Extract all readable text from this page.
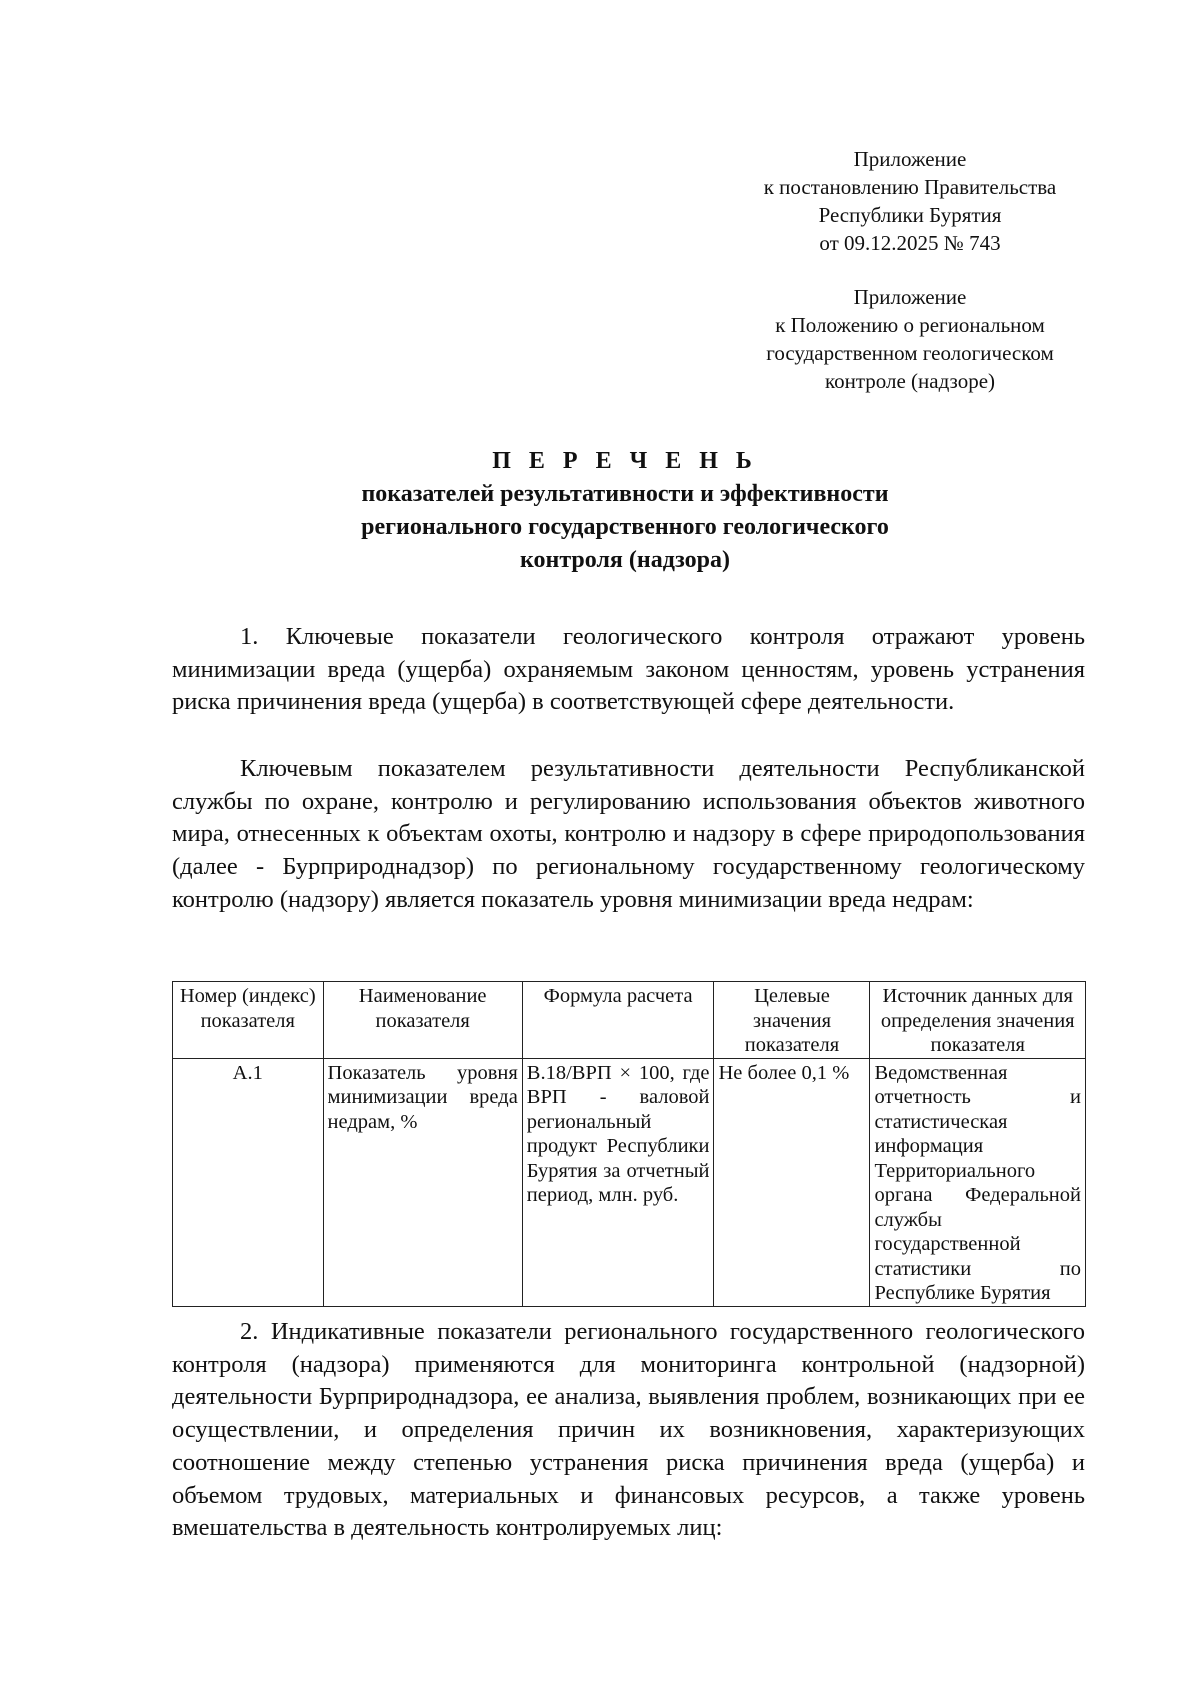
Приложение
к постановлению Правительства
Республики Бурятия
от 09.12.2025 № 743
Приложение
к Положению о региональном
государственном геологическом
контроле (надзоре)
П Е Р Е Ч Е Н Ь
показателей результативности и эффективности
регионального государственного геологического
контроля (надзора)
1. Ключевые показатели геологического контроля отражают уровень минимизации вреда (ущерба) охраняемым законом ценностям, уровень устранения риска причинения вреда (ущерба) в соответствующей сфере деятельности.
Ключевым показателем результативности деятельности Республиканской службы по охране, контролю и регулированию использования объектов животного мира, отнесенных к объектам охоты, контролю и надзору в сфере природопользования (далее - Бурприроднадзор) по региональному государственному геологическому контролю (надзору) является показатель уровня минимизации вреда недрам:
Номер (индекс) показателя	Наименование показателя	Формула расчета	Целевые значения показателя	Источник данных для определения значения показателя
А.1	Показатель уровня минимизации вреда недрам, %	В.18/ВРП × 100, где ВРП - валовой региональный продукт Республики Бурятия за отчетный период, млн. руб.	Не более 0,1 %	Ведомственная отчетность и статистическая информация Территориального органа Федеральной службы государственной статистики по Республике Бурятия
2. Индикативные показатели регионального государственного геологического контроля (надзора) применяются для мониторинга контрольной (надзорной) деятельности Бурприроднадзора, ее анализа, выявления проблем, возникающих при ее осуществлении, и определения причин их возникновения, характеризующих соотношение между степенью устранения риска причинения вреда (ущерба) и объемом трудовых, материальных и финансовых ресурсов, а также уровень вмешательства в деятельность контролируемых лиц:
